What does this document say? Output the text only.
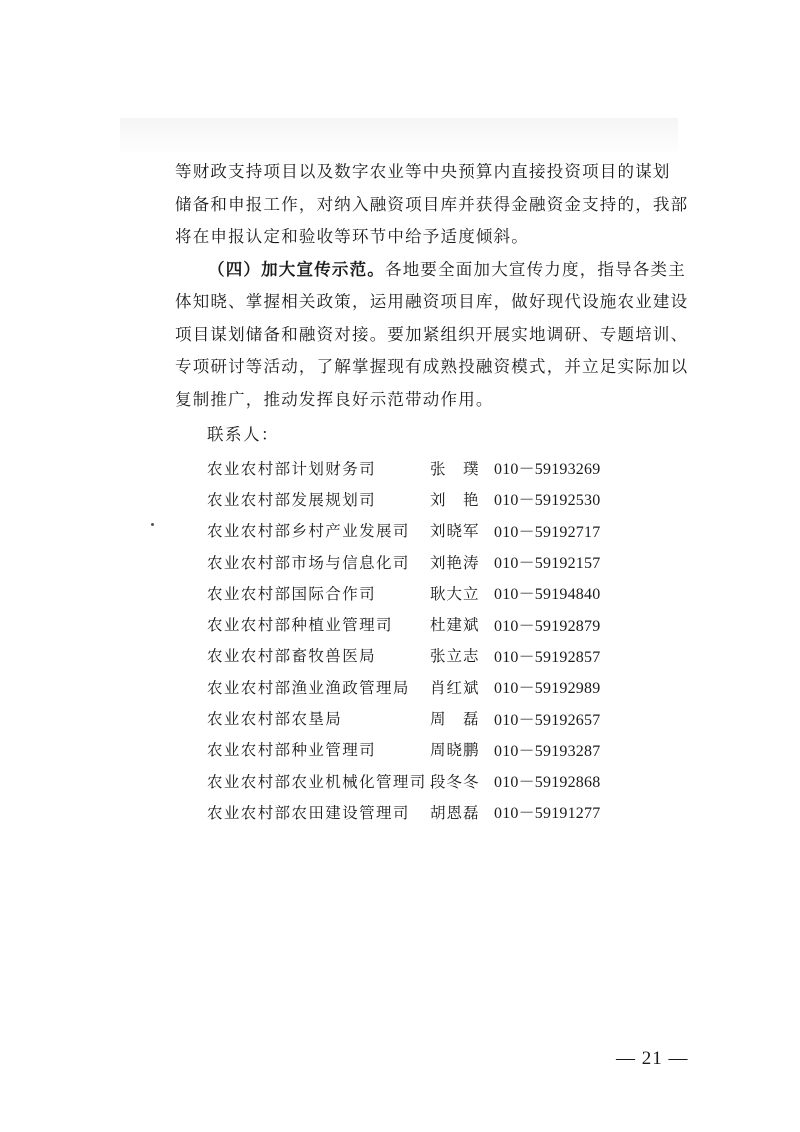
等财政支持项目以及数字农业等中央预算内直接投资项目的谋划
储备和申报工作，对纳入融资项目库并获得金融资金支持的，我部
将在申报认定和验收等环节中给予适度倾斜。

（四）加大宣传示范。各地要全面加大宣传力度，指导各类主
体知晓、掌握相关政策，运用融资项目库，做好现代设施农业建设
项目谋划储备和融资对接。要加紧组织开展实地调研、专题培训、
专项研讨等活动，了解掌握现有成熟投融资模式，并立足实际加以
复制推广，推动发挥良好示范带动作用。

联系人：
农业农村部计划财务司	张　璞 010－59193269
农业农村部发展规划司	刘　艳 010－59192530
农业农村部乡村产业发展司	刘晓军 010－59192717
农业农村部市场与信息化司	刘艳涛 010－59192157
农业农村部国际合作司	耿大立 010－59194840
农业农村部种植业管理司	杜建斌 010－59192879
农业农村部畜牧兽医局	张立志 010－59192857
农业农村部渔业渔政管理局	肖红斌 010－59192989
农业农村部农垦局	周　磊 010－59192657
农业农村部种业管理司	周晓鹏 010－59193287
农业农村部农业机械化管理司 段冬冬 010－59192868
农业农村部农田建设管理司	胡恩磊 010－59191277
— 21 —
